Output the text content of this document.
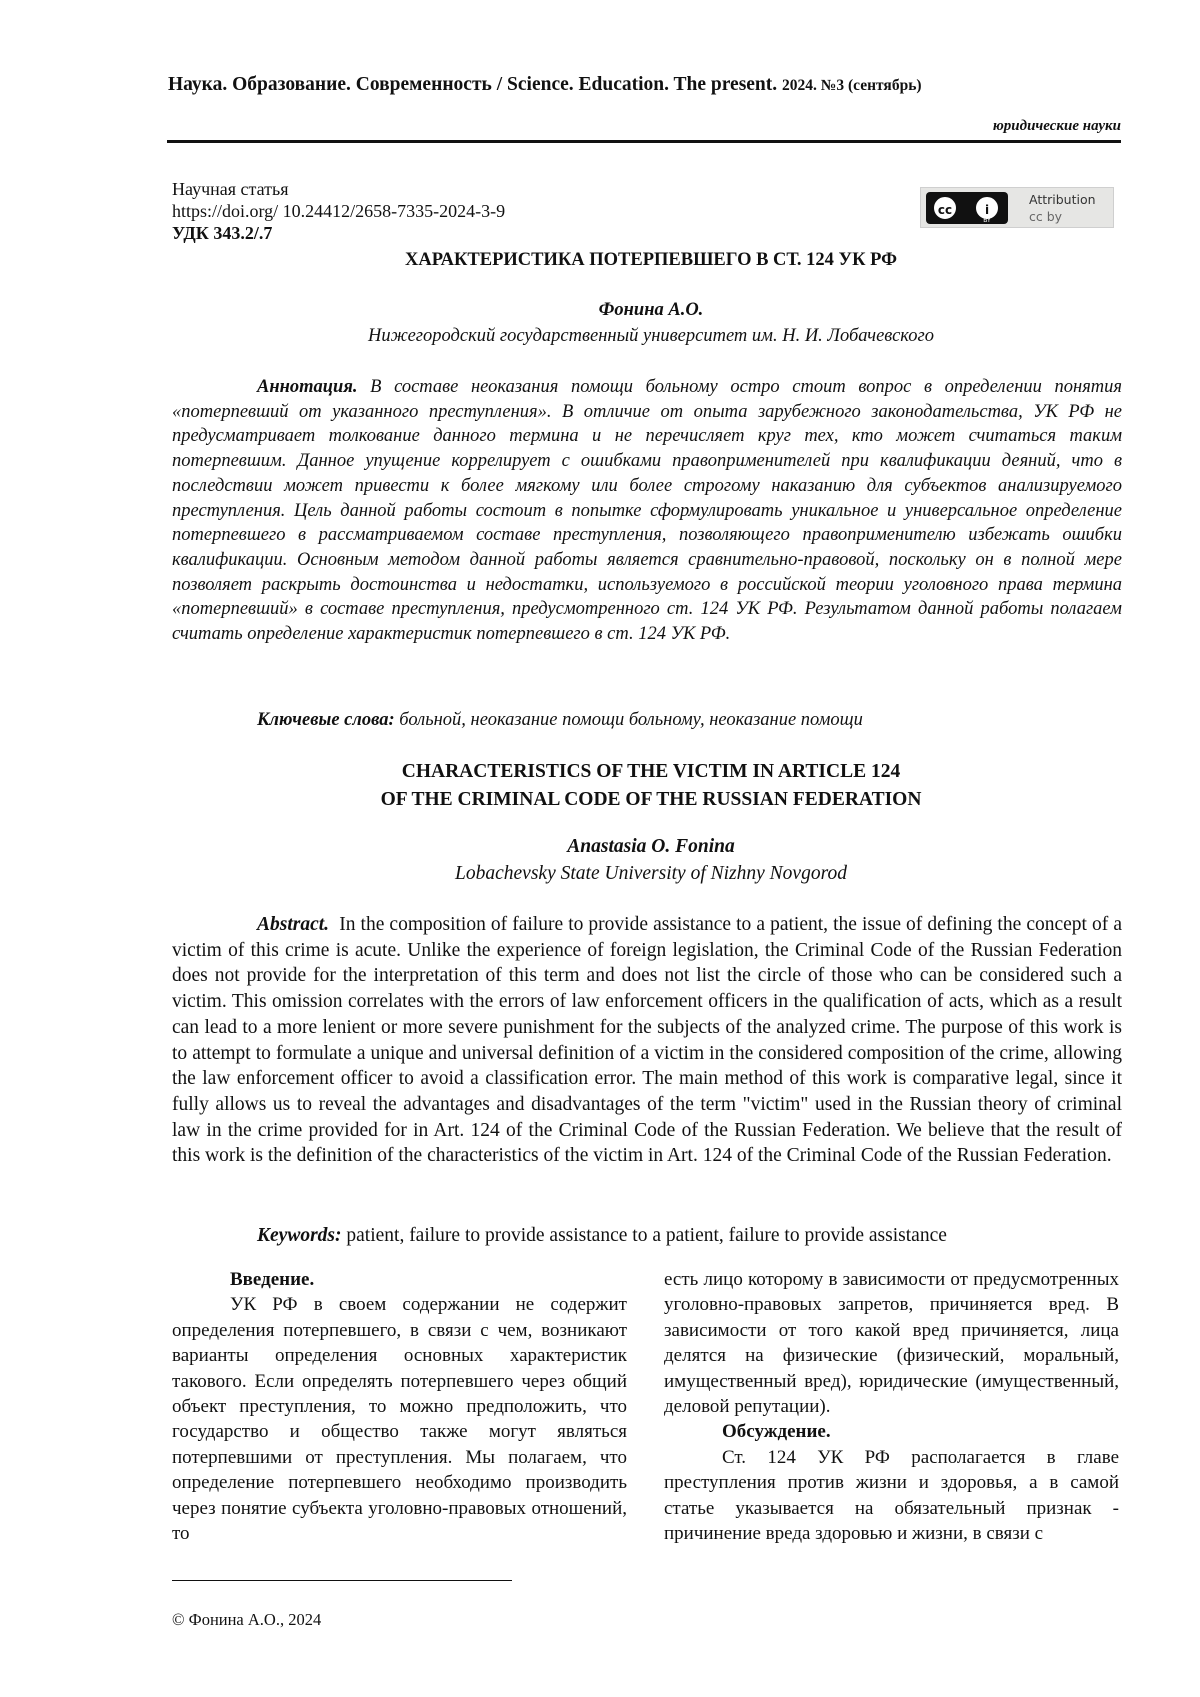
Наука. Образование. Современность / Science. Education. The present. 2024. №3 (сентябрь)
юридические науки
Научная статья
https://doi.org/ 10.24412/2658-7335-2024-3-9
УДК 343.2/.7
cc	i
BY
Attribution
cc by
ХАРАКТЕРИСТИКА ПОТЕРПЕВШЕГО В СТ. 124 УК РФ
Фонина А.О.
Нижегородский государственный университет им. Н. И. Лобачевского
Аннотация. В составе неоказания помощи больному остро стоит вопрос в определении понятия «потерпевший от указанного преступления». В отличие от опыта зарубежного законодательства, УК РФ не предусматривает толкование данного термина и не перечисляет круг тех, кто может считаться таким потерпевшим. Данное упущение коррелирует с ошибками правоприменителей при квалификации деяний, что в последствии может привести к более мягкому или более строгому наказанию для субъектов анализируемого преступления. Цель данной работы состоит в попытке сформулировать уникальное и универсальное определение потерпевшего в рассматриваемом составе преступления, позволяющего правоприменителю избежать ошибки квалификации. Основным методом данной работы является сравнительно-правовой, поскольку он в полной мере позволяет раскрыть достоинства и недостатки, используемого в российской теории уголовного права термина «потерпевший» в составе преступления, предусмотренного ст. 124 УК РФ. Результатом данной работы полагаем считать определение характеристик потерпевшего в ст. 124 УК РФ.
Ключевые слова: больной, неоказание помощи больному, неоказание помощи
CHARACTERISTICS OF THE VICTIM IN ARTICLE 124
OF THE CRIMINAL CODE OF THE RUSSIAN FEDERATION
Anastasia O. Fonina
Lobachevsky State University of Nizhny Novgorod
Abstract. In the composition of failure to provide assistance to a patient, the issue of defining the concept of a victim of this crime is acute. Unlike the experience of foreign legislation, the Criminal Code of the Russian Federation does not provide for the interpretation of this term and does not list the circle of those who can be considered such a victim. This omission correlates with the errors of law enforcement officers in the qualification of acts, which as a result can lead to a more lenient or more severe punishment for the subjects of the analyzed crime. The purpose of this work is to attempt to formulate a unique and universal definition of a victim in the considered composition of the crime, allowing the law enforcement officer to avoid a classification error. The main method of this work is comparative legal, since it fully allows us to reveal the advantages and disadvantages of the term "victim" used in the Russian theory of criminal law in the crime provided for in Art. 124 of the Criminal Code of the Russian Federation. We believe that the result of this work is the definition of the characteristics of the victim in Art. 124 of the Criminal Code of the Russian Federation.
Keywords: patient, failure to provide assistance to a patient, failure to provide assistance
Введение.
УК РФ в своем содержании не содержит определения потерпевшего, в связи с чем, возникают варианты определения основных характеристик такового. Если определять потерпевшего через общий объект преступления, то можно предположить, что государство и общество также могут являться потерпевшими от преступления. Мы полагаем, что определение потерпевшего необходимо производить через понятие субъекта уголовно-правовых отношений, то
есть лицо которому в зависимости от предусмотренных уголовно-правовых запретов, причиняется вред. В зависимости от того какой вред причиняется, лица делятся на физические (физический, моральный, имущественный вред), юридические (имущественный, деловой репутации).
Обсуждение.
Ст. 124 УК РФ располагается в главе преступления против жизни и здоровья, а в самой статье указывается на обязательный признак - причинение вреда здоровью и жизни, в связи с
© Фонина А.О., 2024
